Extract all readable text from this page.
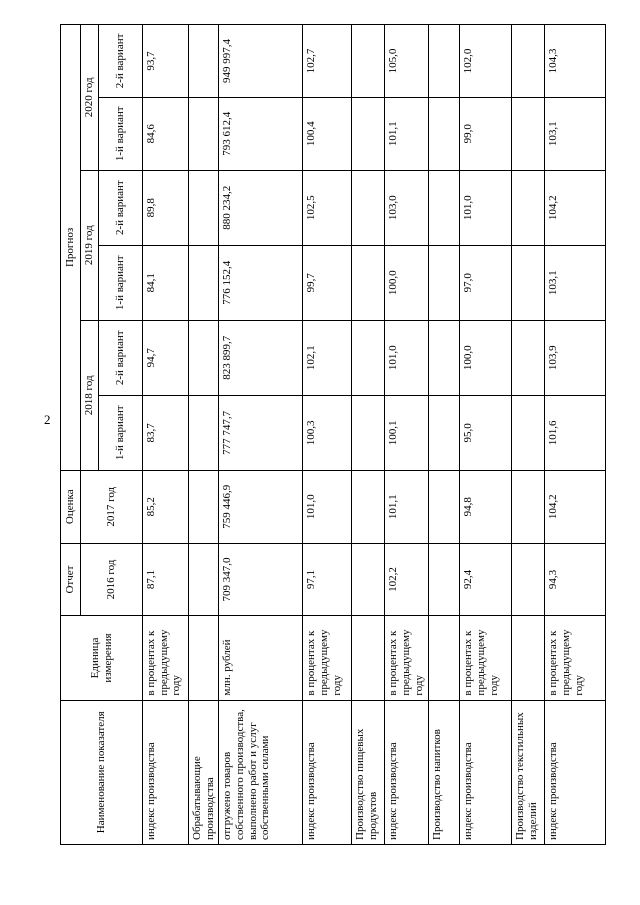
2
Наименование показателя	Единица измерения	Отчет	Оценка	Прогноз					
		2016 год	2017 год	2018 год		2019 год		2020 год	
				1-й вариант	2-й вариант	1-й вариант	2-й вариант	1-й вариант	2-й вариант

индекс производства	в процентах к предыдущему году	87,1	85,2	83,7	94,7	84,1	89,8	84,6	93,7
Обрабатывающие производства									
отгружено товаров собственного производства, выполнено работ и услуг собственными силами	млн. рублей	709 347,0	759 446,9	777 747,7	823 899,7	776 152,4	880 234,2	793 612,4	949 997,4
индекс производства	в процентах к предыдущему году	97,1	101,0	100,3	102,1	99,7	102,5	100,4	102,7
Производство пищевых продуктов									
индекс производства	в процентах к предыдущему году	102,2	101,1	100,1	101,0	100,0	103,0	101,1	105,0
Производство напитков									
индекс производства	в процентах к предыдущему году	92,4	94,8	95,0	100,0	97,0	101,0	99,0	102,0
Производство текстильных изделий									
индекс производства	в процентах к предыдущему году	94,3	104,2	101,6	103,9	103,1	104,2	103,1	104,3
